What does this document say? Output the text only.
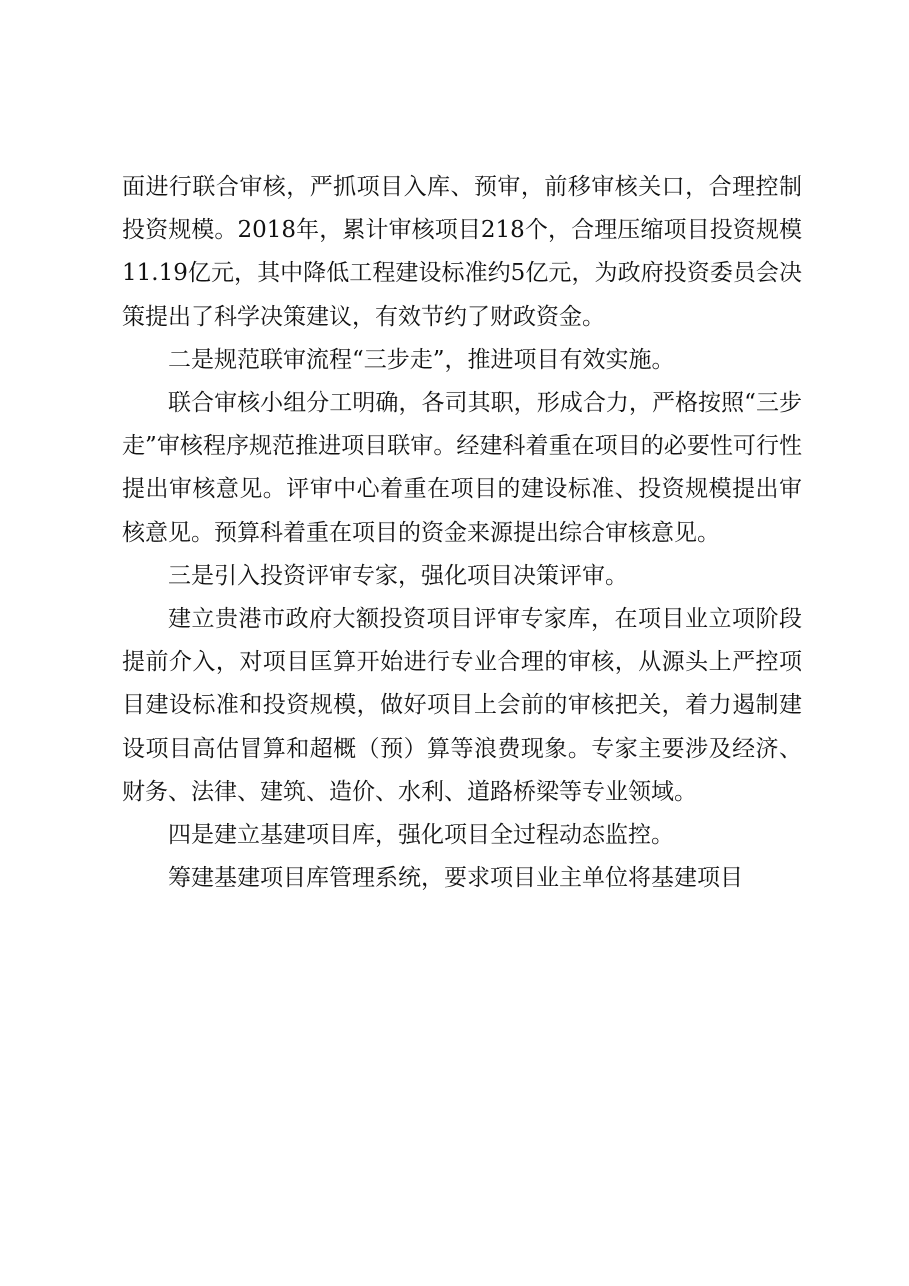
面进行联合审核，严抓项目入库、预审，前移审核关口，合理控制投资规模。2018年，累计审核项目218个，合理压缩项目投资规模11.19亿元，其中降低工程建设标准约5亿元，为政府投资委员会决策提出了科学决策建议，有效节约了财政资金。

二是规范联审流程“三步走”，推进项目有效实施。

联合审核小组分工明确，各司其职，形成合力，严格按照“三步走”审核程序规范推进项目联审。经建科着重在项目的必要性可行性提出审核意见。评审中心着重在项目的建设标准、投资规模提出审核意见。预算科着重在项目的资金来源提出综合审核意见。

三是引入投资评审专家，强化项目决策评审。

建立贵港市政府大额投资项目评审专家库，在项目业立项阶段提前介入，对项目匡算开始进行专业合理的审核，从源头上严控项目建设标准和投资规模，做好项目上会前的审核把关，着力遏制建设项目高估冒算和超概（预）算等浪费现象。专家主要涉及经济、财务、法律、建筑、造价、水利、道路桥梁等专业领域。

四是建立基建项目库，强化项目全过程动态监控。

筹建基建项目库管理系统，要求项目业主单位将基建项目
